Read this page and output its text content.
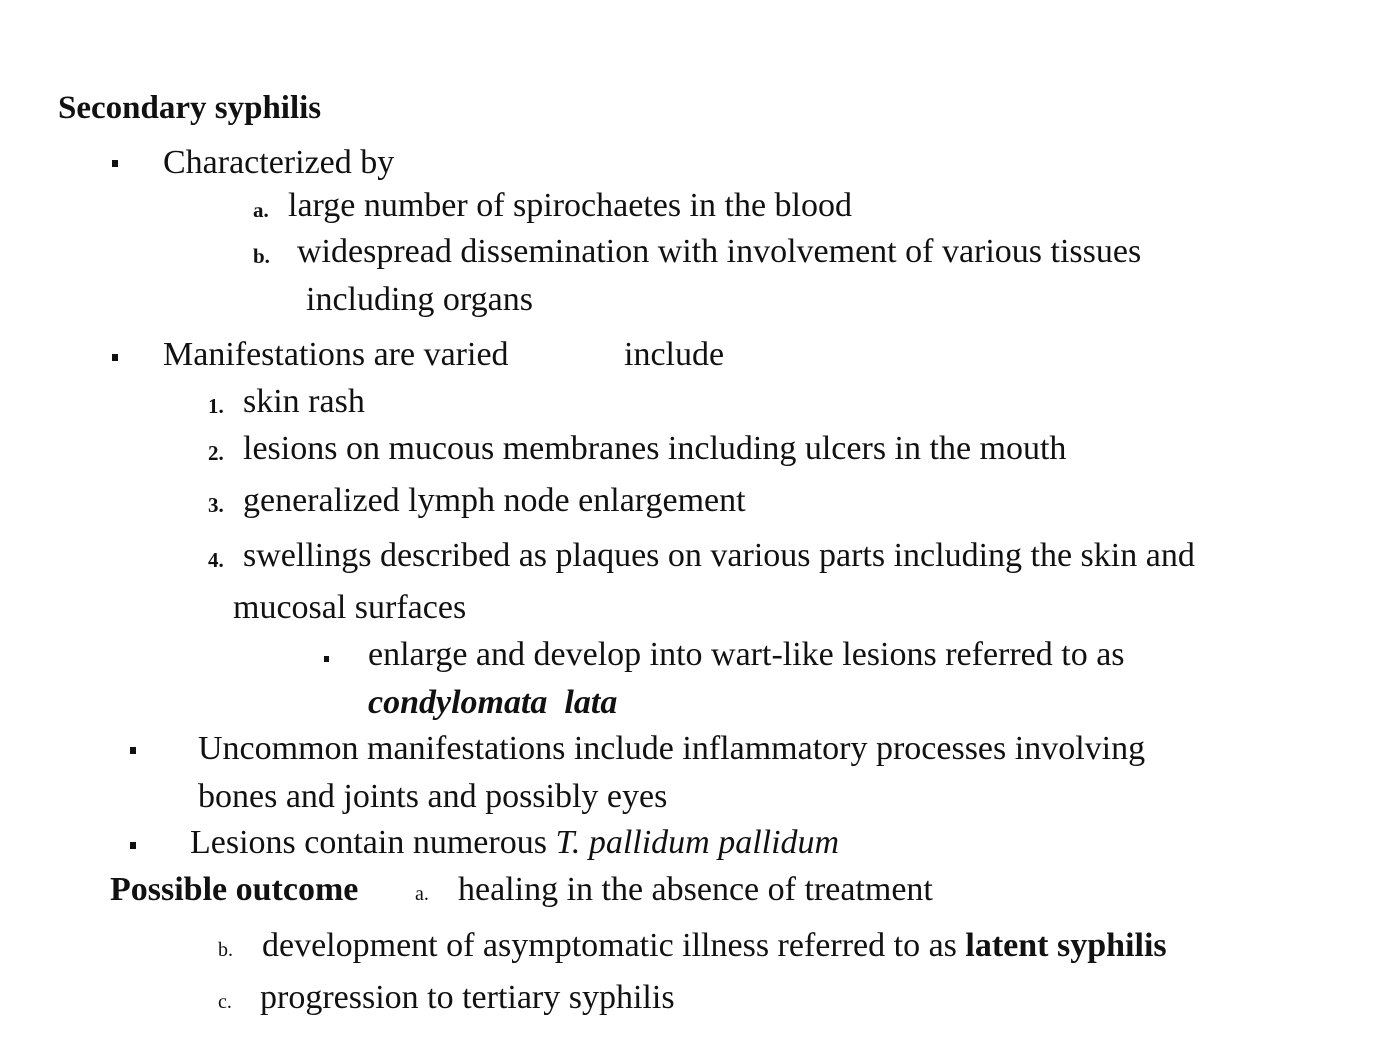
Secondary syphilis
Characterized by
a. large number of spirochaetes in the blood
b. widespread dissemination with involvement of various tissues
including organs
Manifestations are varied	include
1. skin rash
2. lesions on mucous membranes including ulcers in the mouth
3. generalized lymph node enlargement
4. swellings described as plaques on various parts including the skin and
mucosal surfaces
enlarge and develop into wart-like lesions referred to as
condylomata  lata
Uncommon manifestations include inflammatory processes involving
bones and joints and possibly eyes
Lesions contain numerous T. pallidum pallidum
Possible outcome	a. healing in the absence of treatment
b. development of asymptomatic illness referred to as latent syphilis
c. progression to tertiary syphilis
